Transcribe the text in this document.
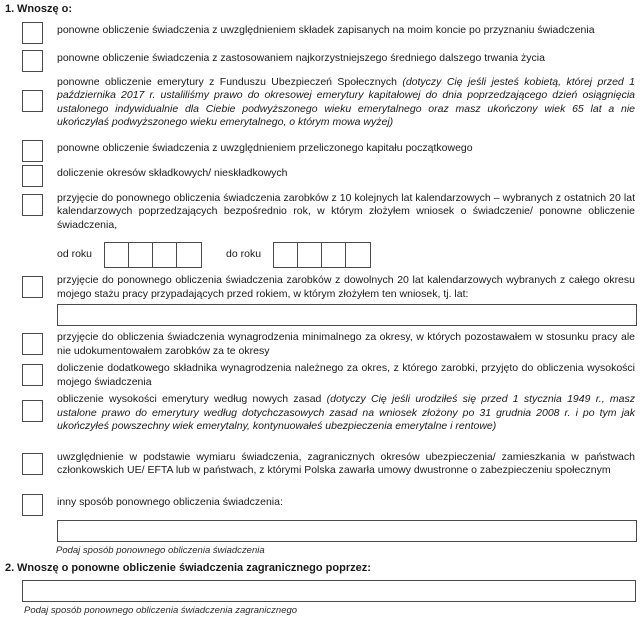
1. Wnoszę o:
ponowne obliczenie świadczenia z uwzględnieniem składek zapisanych na moim koncie po przyznaniu świadczenia
ponowne obliczenie świadczenia z zastosowaniem najkorzystniejszego średniego dalszego trwania życia
ponowne obliczenie emerytury z Funduszu Ubezpieczeń Społecznych (dotyczy Cię jeśli jesteś kobietą, której przed 1 października 2017 r. ustaliliśmy prawo do okresowej emerytury kapitałowej do dnia poprzedzającego dzień osiągnięcia ustalonego indywidualnie dla Ciebie podwyższonego wieku emerytalnego oraz masz ukończony wiek 65 lat a nie ukończyłaś podwyższonego wieku emerytalnego, o którym mowa wyżej)
ponowne obliczenie świadczenia z uwzględnieniem przeliczonego kapitału początkowego
doliczenie okresów składkowych/ nieskładkowych
przyjęcie do ponownego obliczenia świadczenia zarobków z 10 kolejnych lat kalendarzowych – wybranych z ostatnich 20 lat kalendarzowych poprzedzających bezpośrednio rok, w którym złożyłem wniosek o świadczenie/ ponowne obliczenie świadczenia,
od roku	do roku
przyjęcie do ponownego obliczenia świadczenia zarobków z dowolnych 20 lat kalendarzowych wybranych z całego okresu mojego stażu pracy przypadających przed rokiem, w którym złożyłem ten wniosek, tj. lat:
przyjęcie do obliczenia świadczenia wynagrodzenia minimalnego za okresy, w których pozostawałem w stosunku pracy ale nie udokumentowałem zarobków za te okresy
doliczenie dodatkowego składnika wynagrodzenia należnego za okres, z którego zarobki, przyjęto do obliczenia wysokości mojego świadczenia
obliczenie wysokości emerytury według nowych zasad (dotyczy Cię jeśli urodziłeś się przed 1 stycznia 1949 r., masz ustalone prawo do emerytury według dotychczasowych zasad na wniosek złożony po 31 grudnia 2008 r. i po tym jak ukończyłeś powszechny wiek emerytalny, kontynuowałeś ubezpieczenia emerytalne i rentowe)
uwzględnienie w podstawie wymiaru świadczenia, zagranicznych okresów ubezpieczenia/ zamieszkania w państwach członkowskich UE/ EFTA lub w państwach, z którymi Polska zawarła umowy dwustronne o zabezpieczeniu społecznym
inny sposób ponownego obliczenia świadczenia:
Podaj sposób ponownego obliczenia świadczenia
2. Wnoszę o ponowne obliczenie świadczenia zagranicznego poprzez:
Podaj sposób ponownego obliczenia świadczenia zagranicznego
